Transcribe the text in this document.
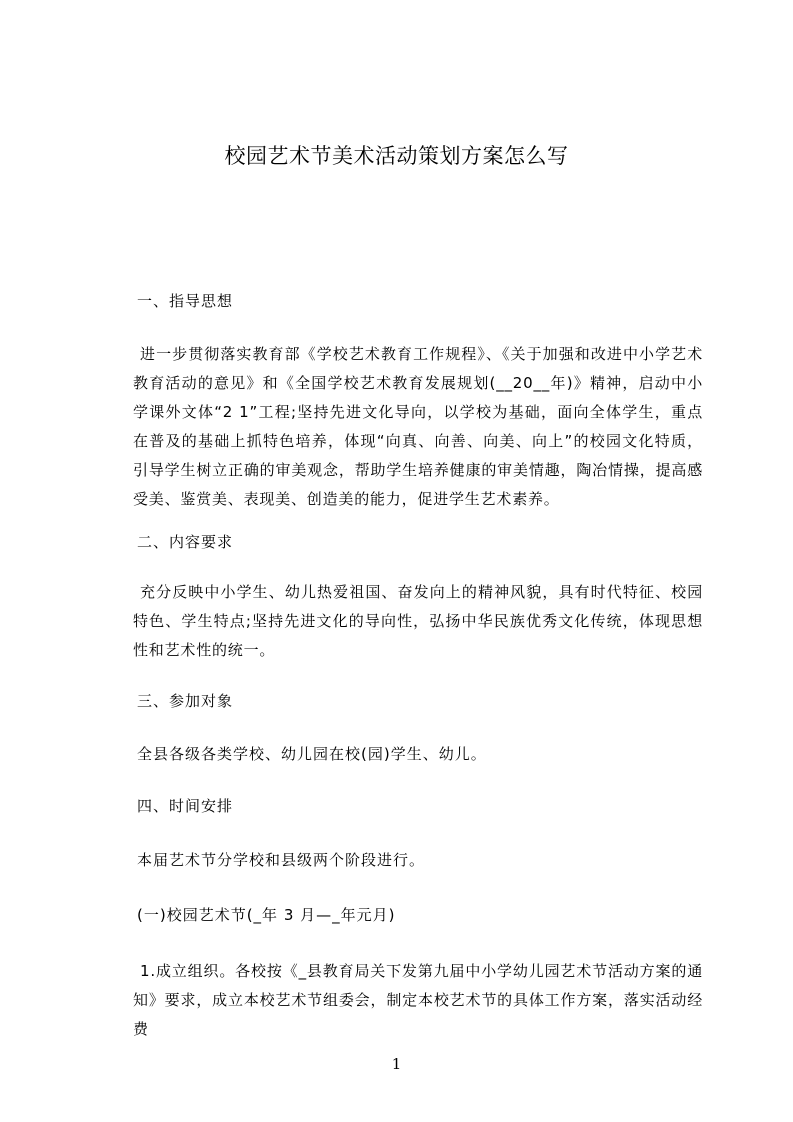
校园艺术节美术活动策划方案怎么写
一、指导思想
进一步贯彻落实教育部《学校艺术教育工作规程》、《关于加强和改进中小学艺术教育活动的意见》和《全国学校艺术教育发展规划(__20__年)》精神，启动中小学课外文体“2 1”工程;坚持先进文化导向，以学校为基础，面向全体学生，重点在普及的基础上抓特色培养，体现“向真、向善、向美、向上”的校园文化特质，引导学生树立正确的审美观念，帮助学生培养健康的审美情趣，陶冶情操，提高感受美、鉴赏美、表现美、创造美的能力，促进学生艺术素养。
二、内容要求
充分反映中小学生、幼儿热爱祖国、奋发向上的精神风貌，具有时代特征、校园特色、学生特点;坚持先进文化的导向性，弘扬中华民族优秀文化传统，体现思想性和艺术性的统一。
三、参加对象
全县各级各类学校、幼儿园在校(园)学生、幼儿。
四、时间安排
本届艺术节分学校和县级两个阶段进行。
(一)校园艺术节(_年 3 月—_年元月)
1.成立组织。各校按《_县教育局关下发第九届中小学幼儿园艺术节活动方案的通知》要求，成立本校艺术节组委会，制定本校艺术节的具体工作方案，落实活动经费
1
